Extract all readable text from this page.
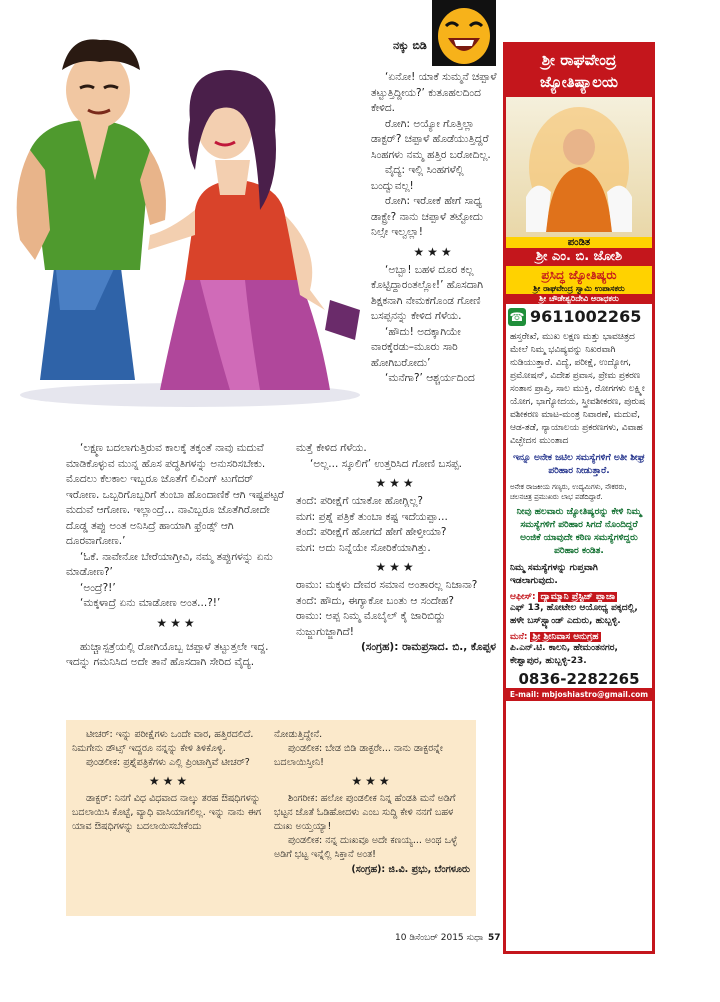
ನಕ್ಕು ಬಿಡಿ

‘ಏನೋ! ಯಾಕೆ ಸುಮ್ಮನೆ ಚಪ್ಪಾಳೆ ತಟ್ಟುತ್ತಿದ್ದೀಯ?’ ಕುತೂಹಲದಿಂದ ಕೇಳಿದ.

ರೋಗಿ: ಅಯ್ಯೋ ಗೊತ್ತಿಲ್ಲಾ ಡಾಕ್ಟರ್? ಚಪ್ಪಾಳೆ ಹೊಡೆಯುತ್ತಿದ್ದರೆ ಸಿಂಹಗಳು ನಮ್ಮ ಹತ್ತಿರ ಬರೋದಿಲ್ಲ.

ವೈದ್ಯ: ಇಲ್ಲಿ ಸಿಂಹಗಳೆಲ್ಲಿ ಬಂದ್ವುವಲ್ಲ!

ರೋಗಿ: ಇರೋಕೆ ಹೇಗೆ ಸಾಧ್ಯ ಡಾಕ್ಟ್ರೇ? ನಾನು ಚಪ್ಪಾಳೆ ತಟ್ಟೋದು ನಿಲ್ಸೇ ಇಲ್ವಲ್ಲಾ!

★★★

‘ಅಬ್ಬಾ! ಬಹಳ ದೂರ ಕಲ್ಲ ಕೊಟ್ಟಿದ್ದಾರಂತಲ್ಲೋ!’ ಹೊಸದಾಗಿ ಶಿಕ್ಷಕನಾಗಿ ನೇಮಕಗೊಂಡ ಗೋಣಿ ಬಸಪ್ಪನನ್ನು ಕೇಳಿದ ಗೆಳೆಯ.

‘ಹೌದು! ಅದಕ್ಕಾಗಿಯೇ ವಾರಕ್ಕೆರಡು–ಮೂರು ಸಾರಿ ಹೋಗಿಬರೋದು’

‘ಮನೆಗಾ?’ ಆಶ್ಚರ್ಯದಿಂದ

‘ಲಕ್ಷ್ಮಣ ಬದಲಾಗುತ್ತಿರುವ ಕಾಲಕ್ಕೆ ತಕ್ಕಂತೆ ನಾವು ಮದುವೆ ಮಾಡಿಕೊಳ್ಳುವ ಮುನ್ನ ಹೊಸ ಪದ್ಧತಿಗಳನ್ನು ಅನುಸರಿಸಬೇಕು. ಮೊದಲು ಕೆಲಕಾಲ ಇಬ್ಬರೂ ಜೊತೆಗೆ ಲಿವಿಂಗ್ ಟುಗೆದರ್ ಇರೋಣ. ಒಬ್ಬರಿಗೊಬ್ಬರಿಗೆ ತುಂಬಾ ಹೊಂದಾಣಿಕೆ ಆಗಿ ಇಷ್ಟಪಟ್ಟರೆ ಮದುವೆ ಆಗೋಣ. ಇಲ್ಲಾಂದ್ರೆ... ನಾವಿಬ್ಬರೂ ಜೊತೆಗಿರೋದೇ ದೊಡ್ಡ ತಪ್ಪು ಅಂತ ಅನಿಸಿದ್ರೆ ಹಾಯಾಗಿ ಫ್ರೆಂಡ್ಸ್ ಆಗಿ ದೂರವಾಗೋಣ.’

‘ಓಕೆ. ನಾವೇನೋ ಬೇರೆಯಾಗ್ತೀವಿ, ನಮ್ಮ ತಪ್ಪುಗಳನ್ನು ಏನು ಮಾಡೋಣ?’

‘ಅಂದ್ರೆ?!’

‘ಮಕ್ಕಳಾದ್ರೆ ಏನು ಮಾಡೋಣ ಅಂತ...?!’

★★★

ಹುಚ್ಚಾಸ್ಪತ್ರೆಯಲ್ಲಿ ರೋಗಿಯೊಬ್ಬ ಚಪ್ಪಾಳೆ ತಟ್ಟುತ್ತಲೇ ಇದ್ದ. ಇದನ್ನು ಗಮನಿಸಿದ ಅದೇ ತಾನೆ ಹೊಸದಾಗಿ ಸೇರಿದ ವೈದ್ಯ.

ಮತ್ತೆ ಕೇಳಿದ ಗೆಳೆಯ.

‘ಅಲ್ಲ... ಸ್ಕೂಲಿಗೆ’ ಉತ್ತರಿಸಿದ ಗೋಣಿ ಬಸಪ್ಪ.

★★★

ತಂದೆ: ಪರೀಕ್ಷೆಗೆ ಯಾಕೋ ಹೋಗ್ಲಿಲ್ಲ?

ಮಗ: ಪ್ರಶ್ನೆ ಪತ್ರಿಕೆ ತುಂಬಾ ಕಷ್ಟ ಇದೆಯಪ್ಪಾ...

ತಂದೆ: ಪರೀಕ್ಷೆಗೆ ಹೋಗದೆ ಹೇಗೆ ಹೇಳ್ತೀಯಾ?

ಮಗ: ಅದು ನಿನ್ನೆಯೇ ಸೋರಿಕೆಯಾಗಿತ್ತು.

★★★

ರಾಮು: ಮಕ್ಕಳು ದೇವರ ಸಮಾನ ಅಂತಾರಲ್ಲ ನಿಜಾನಾ?

ತಂದೆ: ಹೌದು, ಈಗ್ಯಾಕೋ ಬಂತು ಆ ಸಂದೇಹ?

ರಾಮು: ಅಪ್ಪ ನಿಮ್ಮ ಮೊಬೈಲ್ ಕೈ ಜಾರಿಬಿದ್ದು ನುಜ್ಜುಗುಜ್ಜಾಗಿದೆ!

(ಸಂಗ್ರಹ): ರಾಮಪ್ರಸಾದ. ಬಿ., ಕೊಪ್ಪಳ

ಟೀಚರ್: ಇನ್ನು ಪರೀಕ್ಷೆಗಳು ಒಂದೇ ವಾರ, ಹತ್ತಿರದಲಿದೆ. ನಿಮಗೇನು ಡೌಟ್ಸ್ ಇದ್ದರೂ ನನ್ನನ್ನು ಕೇಳಿ ತಿಳಿಕೊಳ್ಳಿ.

ಪುಂಡಲೀಕ: ಪ್ರಶ್ನೆಪತ್ರಿಕೆಗಳು ಎಲ್ಲಿ ಪ್ರಿಂಟಾಗ್ತಿವೆ ಟೀಚರ್?

★★★

ಡಾಕ್ಟರ್: ನಿನಗೆ ವಿಧ ವಿಧವಾದ ನಾಲ್ಕು ತರಹ ಔಷಧಿಗಳನ್ನು ಬದಲಾಯಿಸಿ ಕೊಟ್ಟೆ, ವ್ಯಾಧಿ ವಾಸಿಯಾಗಲಿಲ್ಲ. ಇನ್ನು ನಾನು ಈಗ ಯಾವ ಔಷಧಿಗಳನ್ನು ಬದಲಾಯಿಸಬೇಕೆಂದು

ನೋಡುತ್ತಿದ್ದೇನೆ.

ಪುಂಡಲೀಕ: ಬೇಡ ಬಿಡಿ ಡಾಕ್ಟರೇ... ನಾನು ಡಾಕ್ಟರನ್ನೇ ಬದಲಾಯಿಸ್ತೀನಿ!

★★★

ಶಿಂಗರೀಕ: ಹಲೋ ಪುಂಡಲೀಕ ನಿನ್ನ ಹೆಂಡತಿ ಮನೆ ಅಡಿಗೆ ಭಟ್ಟನ ಜೊತೆ ಓಡಿಹೋದಳು ಎಂಬ ಸುದ್ದಿ ಕೇಳಿ ನನಗೆ ಬಹಳ ದುಃಖ ಅಯ್ತಯ್ಯಾ!

ಪುಂಡಲೀಕ: ನನ್ನ ದುಃಖವೂ ಅದೇ ಕಣಯ್ಯ... ಅಂಥ ಒಳ್ಳೆ ಅಡಿಗೆ ಭಟ್ಟ ಇನ್ನೆಲ್ಲಿ ಸಿಕ್ತಾನೆ ಅಂತ!

(ಸಂಗ್ರಹ): ಜಿ.ವಿ. ಪ್ರಭು, ಬೆಂಗಳೂರು

10 ಡಿಸೆಂಬರ್ 2015 ಸುಧಾ 57
ಶ್ರೀ ರಾಘವೇಂದ್ರ ಜ್ಯೋತಿಷ್ಯಾಲಯ
ಪಂಡಿತ
ಶ್ರೀ ಎಂ. ಬಿ. ಜೋಶಿ
ಪ್ರಸಿದ್ಧ ಜ್ಯೋತಿಷ್ಯರು
ಶ್ರೀ ರಾಘವೇಂದ್ರ ಸ್ವಾಮಿ ಉಪಾಸಕರು
ಶ್ರೀ ಚೌಡೇಶ್ವರಿದೇವಿ ಆರಾಧಕರು
☎ 9611002265
ಹಸ್ತರೇಖೆ, ಮುಖ ಲಕ್ಷಣ ಮತ್ತು ಭಾವಚಿತ್ರದ ಮೇಲೆ ನಿಮ್ಮ ಭವಿಷ್ಯವನ್ನು ನಿಖರವಾಗಿ ನುಡಿಯುತ್ತಾರೆ. ವಿದ್ಯೆ, ಪರೀಕ್ಷೆ, ಉದ್ಯೋಗ, ಪ್ರಮೋಷನ್, ವಿದೇಶ ಪ್ರವಾಸ, ಪ್ರೇಮ ಪ್ರಕರಣ ಸಂತಾನ ಪ್ರಾಪ್ತಿ, ಸಾಲ ಮುಕ್ತಿ, ರೋಗಗಳು ಲಕ್ಷ್ಮೀ ಯೋಗ, ಭಾಗ್ಯೋದಯ, ಸ್ತ್ರೀವಶೀಕರಣ, ಪುರುಷ ವಶೀಕರಣ ಮಾಟ-ಮಂತ್ರ ನಿವಾರಣೆ, ಮದುವೆ, ಆಡ-ತಡೆ, ನ್ಯಾಯಾಲಯ ಪ್ರಕರಣಗಳು, ವಿವಾಹ ವಿಚ್ಛೇದನ ಮುಂತಾದ
ಇನ್ನೂ ಅನೇಕ ಜಟಿಲ ಸಮಸ್ಯೆಗಳಿಗೆ ಅತೀ ಶೀಘ್ರ ಪರಿಹಾರ ನೀಡುತ್ತಾರೆ.
ಅನೇಕ ರಾಜಕೀಯ ಗಣ್ಯರು, ಉದ್ಯಮಿಗಳು, ನೌಕರರು, ಚಲನಚಿತ್ರ ಪ್ರಮುಖರು ಲಾಭ ಪಡೆದಿದ್ದಾರೆ.
ನೀವು ಹಲವಾರು ಜ್ಯೋತಿಷ್ಯರನ್ನು ಕೇಳಿ ನಿಮ್ಮ ಸಮಸ್ಯೆಗಳಿಗೆ ಪರಿಹಾರ ಸಿಗದೆ ನೊಂದಿದ್ದರೆ ಅಂಜಿಕೆ ಯಾವುದೇ ಕಠಿಣ ಸಮಸ್ಯೆಗಳಿದ್ದರು ಪರಿಹಾರ ಕಂಡಿತ.
ನಿಮ್ಮ ಸಮಸ್ಯೆಗಳನ್ನು ಗುಪ್ತವಾಗಿ ಇಡಲಾಗುವುದು.
ಆಫೀಸ್: ದ್ಯಾಮ್ಮಾನಿ ಪ್ರೆಸ್ಟಿಜ್ ಪ್ಲಾಜಾ
ಎಫ್ 13, ಹೋಟೇಲ ಆಯೋಧ್ಯ ಪಕ್ಕದಲ್ಲಿ, ಹಳೇ ಬಸ್‌ಸ್ಟ್ಯಾಂಡ್ ಎದುರು, ಹುಬ್ಬಳ್ಳಿ.
ಮನೆ: ಶ್ರೀ ಶ್ರೀನಿವಾಸ ಅನುಗ್ರಹ
ಪಿ.ಎನ್.ಟಿ. ಕಾಲನಿ, ಹೇಮಂತನಗರ, ಕೇಶ್ವಾಪುರ, ಹುಬ್ಬಳ್ಳಿ-23.
0836-2282265
E-mail: mbjoshiastro@gmail.com
